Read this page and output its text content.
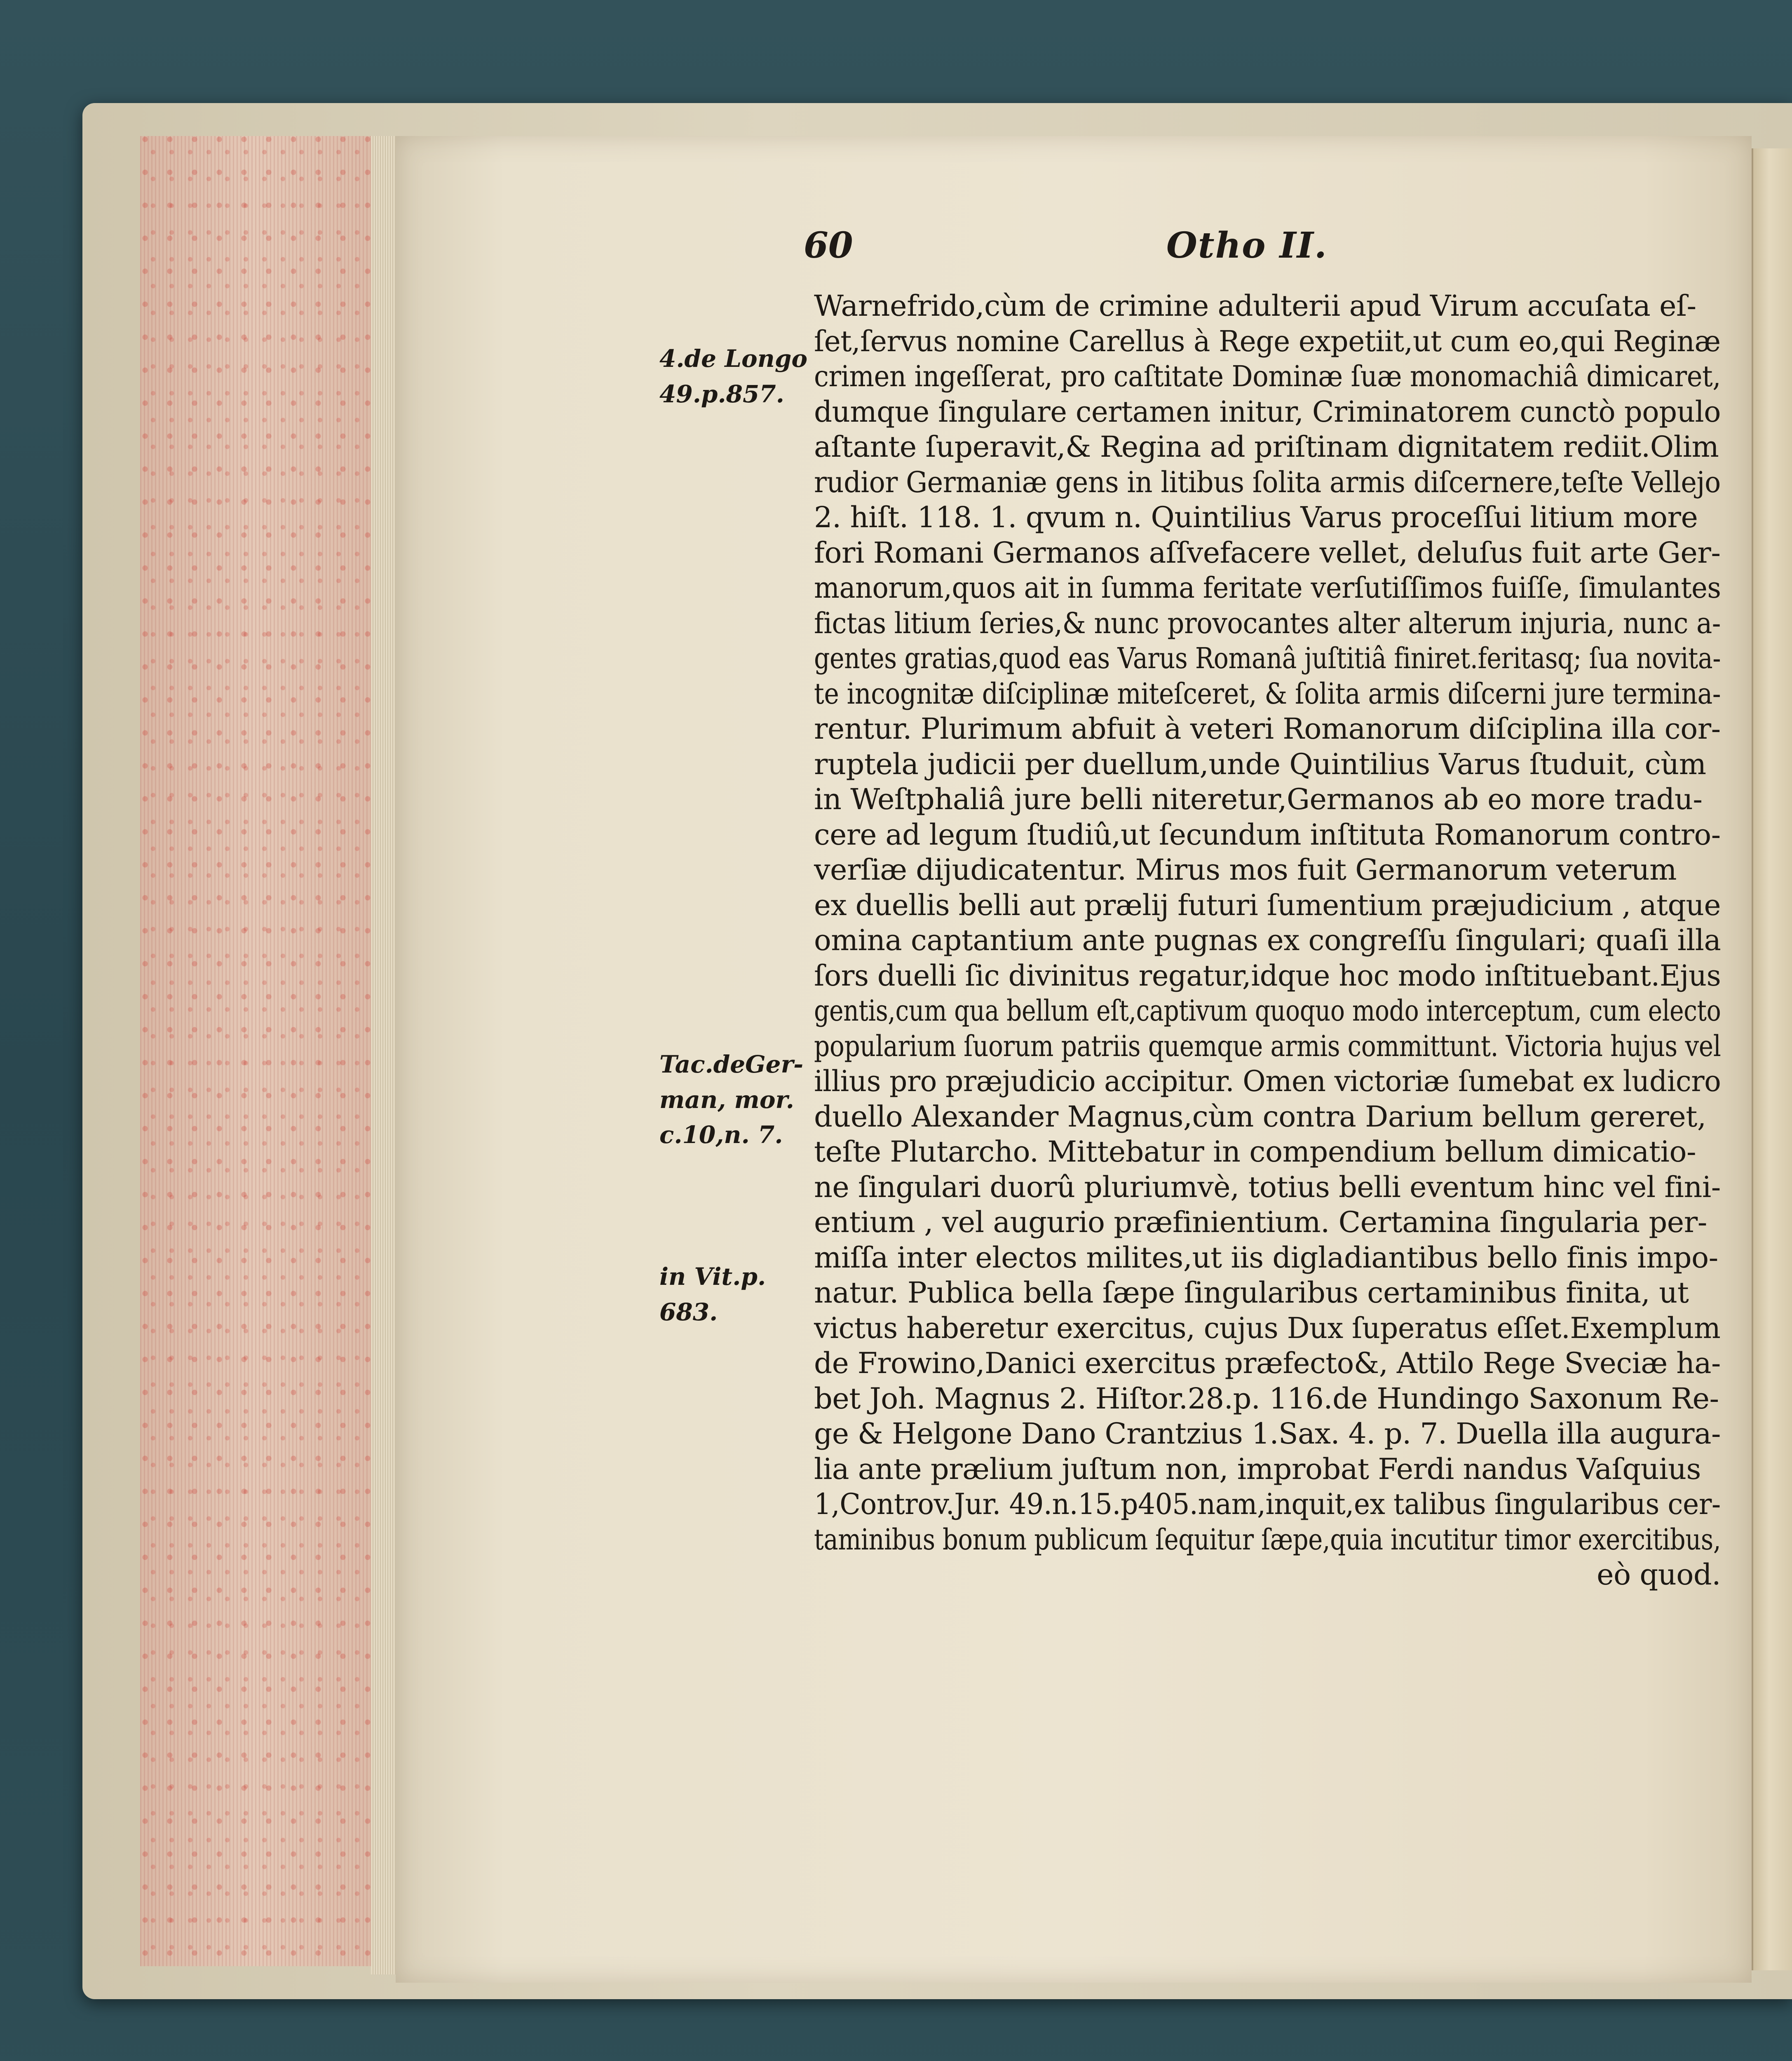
60	Otho II.
4.de Longo
49.p.857.
Tac.deGer-
man, mor.
c.10,n. 7.
in Vit.p.
683.
Warnefrido,cùm de crimine adulterii apud Virum accuſata eſ-
ſet,ſervus nomine Carellus à Rege expetiit,ut cum eo,qui Reginæ
crimen ingeſſerat, pro caſtitate Dominæ ſuæ monomachiâ dimicaret,
dumque ſingulare certamen initur, Criminatorem cunctò populo
aſtante ſuperavit,& Regina ad priſtinam dignitatem rediit.Olim
rudior Germaniæ gens in litibus ſolita armis diſcernere,teſte Vellejo
2. hiſt. 118. 1. qvum n. Quintilius Varus proceſſui litium more
fori Romani Germanos aſſvefacere vellet, deluſus fuit arte Ger-
manorum,quos ait in ſumma feritate verſutiſſimos fuiſſe, ſimulantes
fictas litium ſeries,& nunc provocantes alter alterum injuria, nunc a-
gentes gratias,quod eas Varus Romanâ juſtitiâ finiret.feritasq; ſua novita-
te incognitæ diſciplinæ miteſceret, & ſolita armis diſcerni jure termina-
rentur. Plurimum abfuit à veteri Romanorum diſciplina illa cor-
ruptela judicii per duellum,unde Quintilius Varus ſtuduit, cùm
in Weſtphaliâ jure belli niteretur,Germanos ab eo more tradu-
cere ad legum ſtudiû,ut ſecundum inſtituta Romanorum contro-
verſiæ dijudicatentur. Mirus mos fuit Germanorum veterum
ex duellis belli aut prælij futuri ſumentium præjudicium , atque
omina captantium ante pugnas ex congreſſu ſingulari; quaſi illa
ſors duelli ſic divinitus regatur,idque hoc modo inſtituebant.Ejus
gentis,cum qua bellum eſt,captivum quoquo modo interceptum, cum electo
popularium ſuorum patriis quemque armis committunt. Victoria hujus vel
illius pro præjudicio accipitur. Omen victoriæ ſumebat ex ludicro
duello Alexander Magnus,cùm contra Darium bellum gereret,
teſte Plutarcho. Mittebatur in compendium bellum dimicatio-
ne ſingulari duorû pluriumvè, totius belli eventum hinc vel fini-
entium , vel augurio præfinientium. Certamina ſingularia per-
miſſa inter electos milites,ut iis digladiantibus bello finis impo-
natur. Publica bella ſæpe ſingularibus certaminibus finita, ut
victus haberetur exercitus, cujus Dux ſuperatus eſſet.Exemplum
de Frowino,Danici exercitus præfecto&, Attilo Rege Sveciæ ha-
bet Joh. Magnus 2. Hiſtor.28.p. 116.de Hundingo Saxonum Re-
ge & Helgone Dano Crantzius 1.Sax. 4. p. 7. Duella illa augura-
lia ante prælium juſtum non, improbat Ferdi nandus Vaſquius
1,Controv.Jur. 49.n.15.p405.nam,inquit,ex talibus ſingularibus cer-
taminibus bonum publicum ſequitur ſæpe,quia incutitur timor exercitibus,
eò quod.
